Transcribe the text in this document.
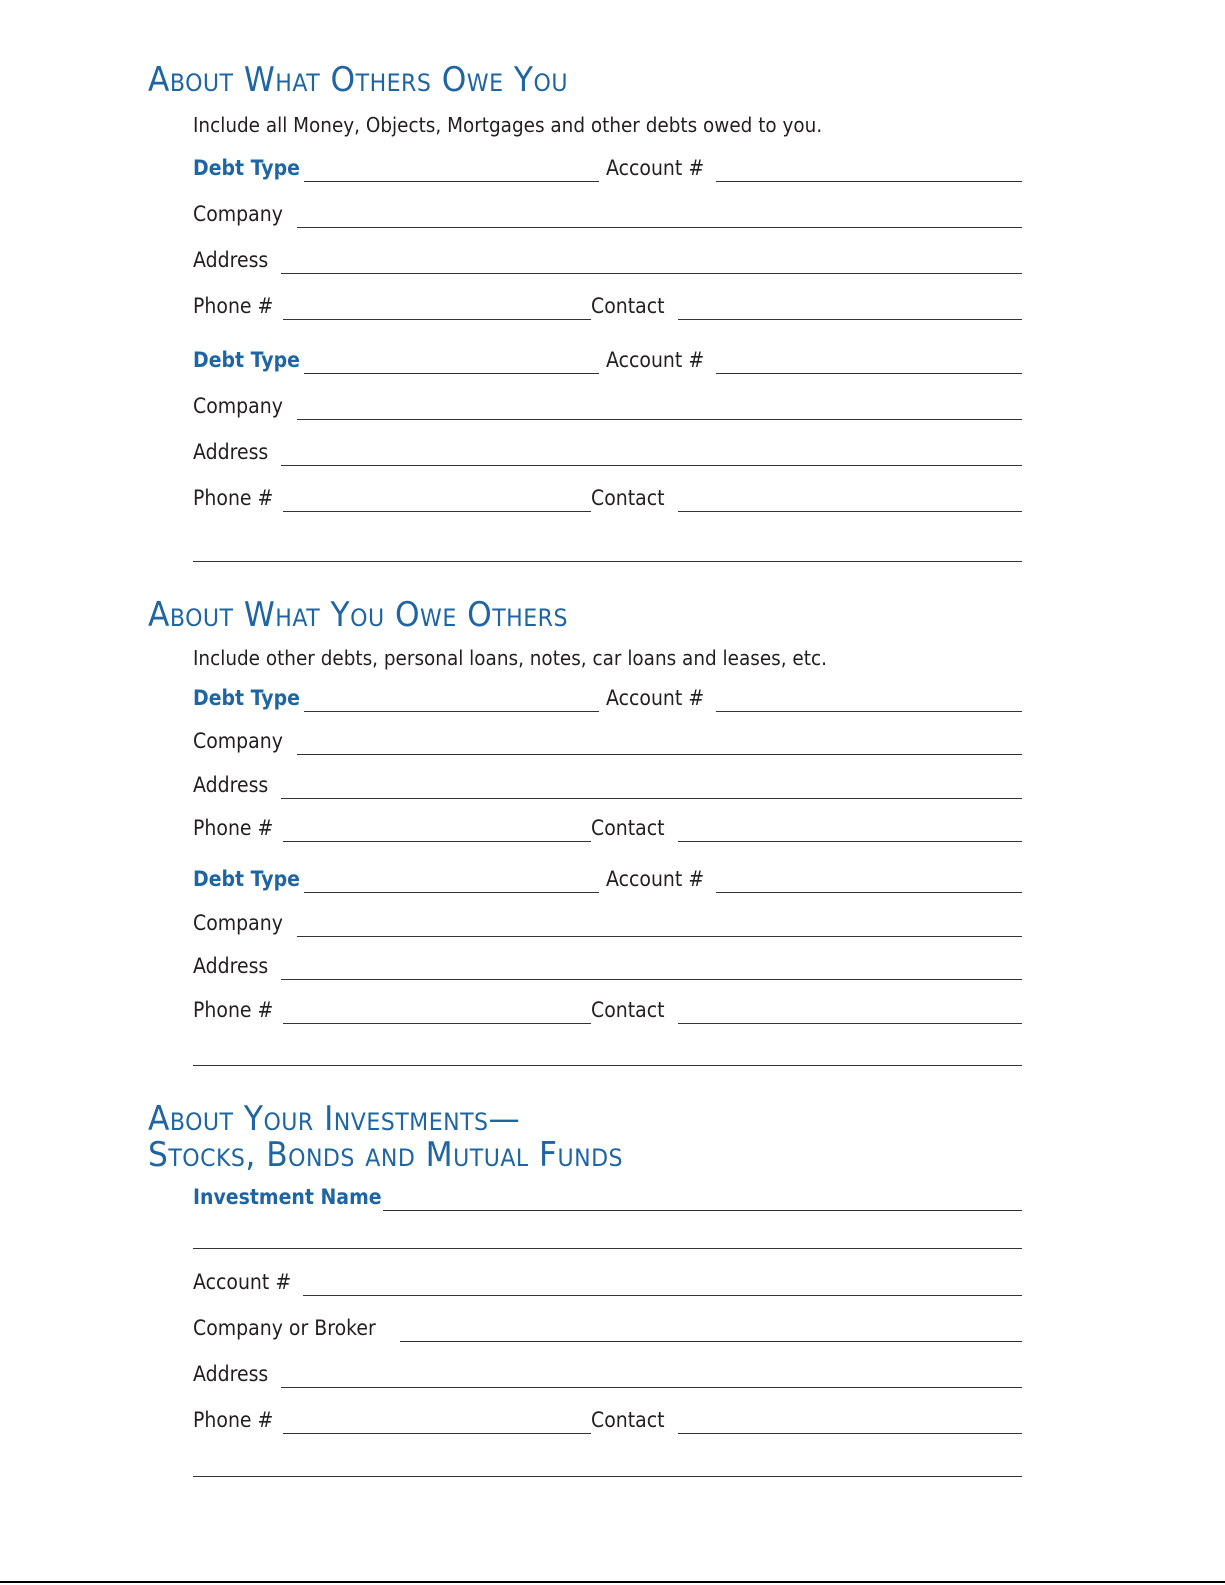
About What Others Owe You
Include all Money, Objects, Mortgages and other debts owed to you.
Debt Type	Account #
Company
Address
Phone #	Contact
Debt Type	Account #
Company
Address
Phone #	Contact
About What You Owe Others
Include other debts, personal loans, notes, car loans and leases, etc.
Debt Type	Account #
Company
Address
Phone #	Contact
Debt Type	Account #
Company
Address
Phone #	Contact
About Your Investments—
Stocks, Bonds and Mutual Funds
Investment Name
Account #
Company or Broker
Address
Phone #	Contact
